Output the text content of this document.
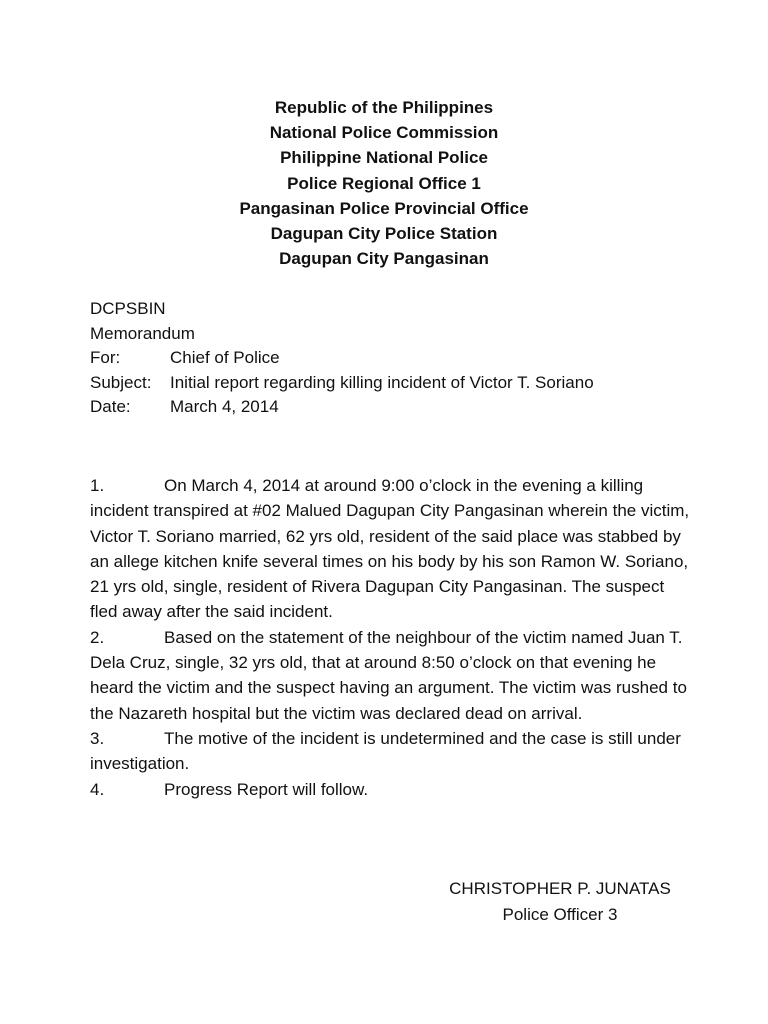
Republic of the Philippines
National Police Commission
Philippine National Police
Police Regional Office 1
Pangasinan Police Provincial Office
Dagupan City Police Station
Dagupan City Pangasinan
DCPSBIN
Memorandum
For:	Chief of Police
Subject: Initial report regarding killing incident of Victor T. Soriano
Date: March 4, 2014

1.	On March 4, 2014 at around 9:00 o’clock in the evening a killing incident transpired at #02 Malued Dagupan City Pangasinan wherein the victim, Victor T. Soriano married, 62 yrs old, resident of the said place was stabbed by an allege kitchen knife several times on his body by his son Ramon W. Soriano, 21 yrs old, single, resident of Rivera Dagupan City Pangasinan. The suspect fled away after the said incident.

2.	Based on the statement of the neighbour of the victim named Juan T. Dela Cruz, single, 32 yrs old, that at around 8:50 o’clock on that evening he heard the victim and the suspect having an argument. The victim was rushed to the Nazareth hospital but the victim was declared dead on arrival.

3.	The motive of the incident is undetermined and the case is still under investigation.

4.	Progress Report will follow.

CHRISTOPHER P. JUNATAS
Police Officer 3
